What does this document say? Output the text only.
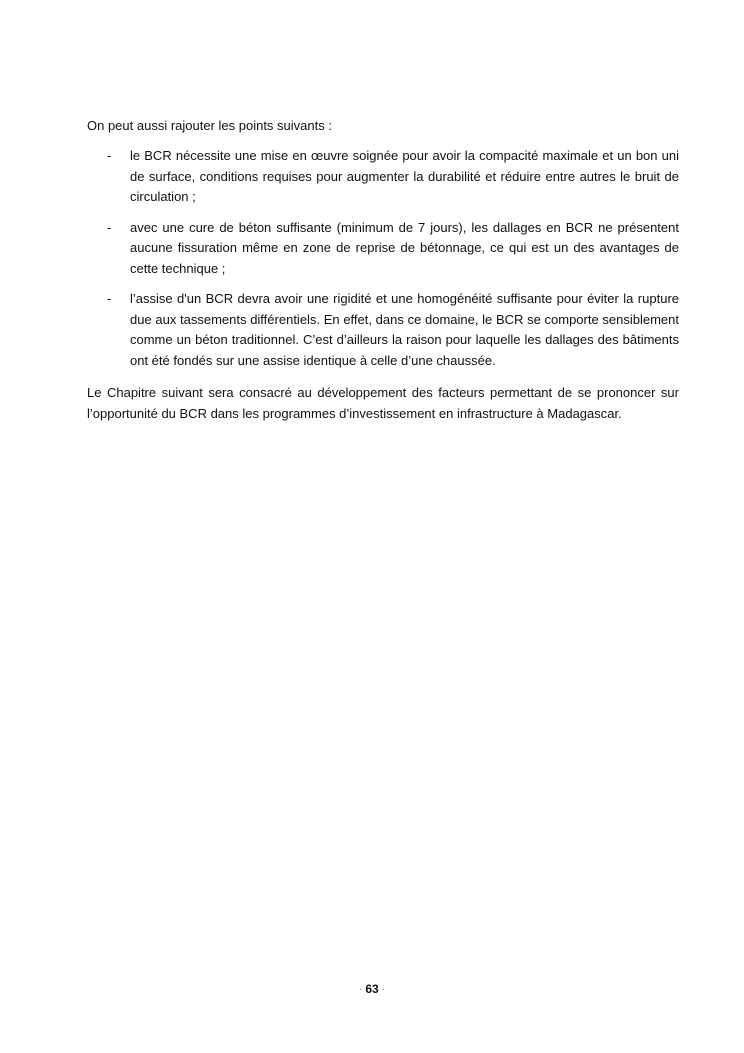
On peut aussi rajouter les points suivants :

- le BCR nécessite une mise en œuvre soignée pour avoir la compacité maximale et un bon uni de surface, conditions requises pour augmenter la durabilité et réduire entre autres le bruit de circulation ;
- avec une cure de béton suffisante (minimum de 7 jours), les dallages en BCR ne présentent aucune fissuration même en zone de reprise de bétonnage, ce qui est un des avantages de cette technique ;
- l’assise d'un BCR devra avoir une rigidité et une homogénéité suffisante pour éviter la rupture due aux tassements différentiels. En effet, dans ce domaine, le BCR se comporte sensiblement comme un béton traditionnel. C’est d’ailleurs la raison pour laquelle les dallages des bâtiments ont été fondés sur une assise identique à celle d’une chaussée.

Le Chapitre suivant sera consacré au développement des facteurs permettant de se prononcer sur l’opportunité du BCR dans les programmes d’investissement en infrastructure à Madagascar.

- 63 -
